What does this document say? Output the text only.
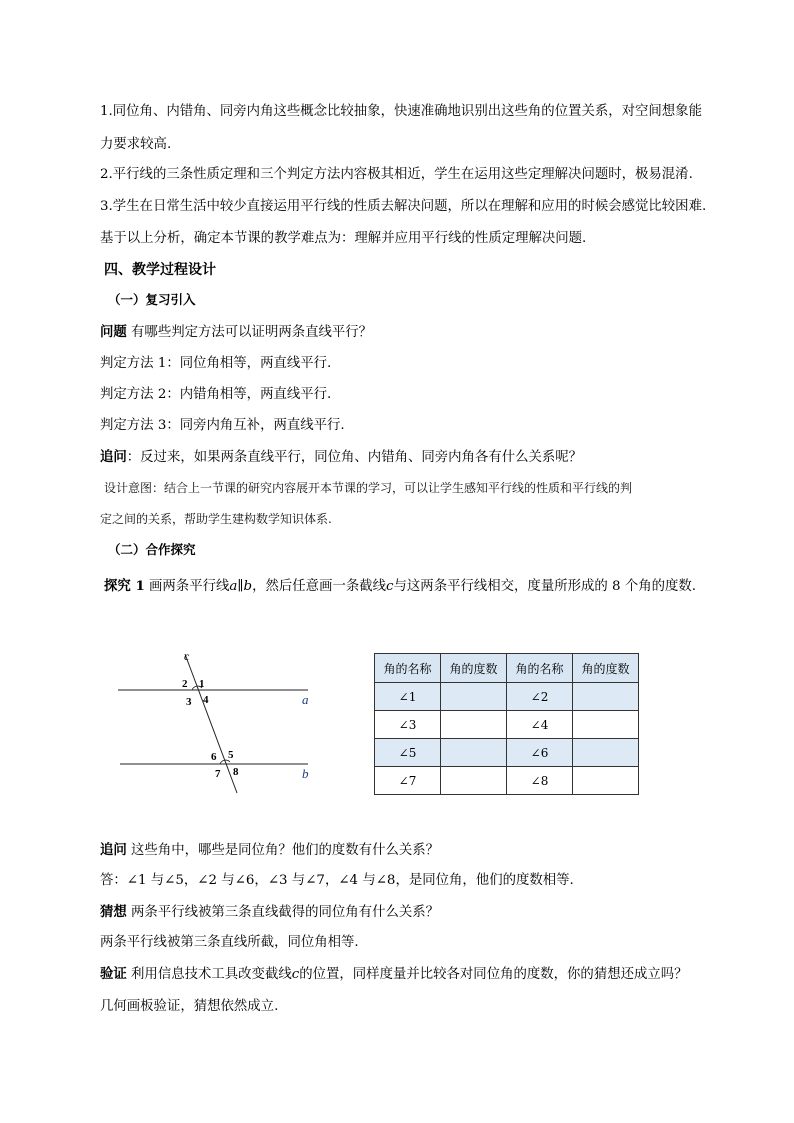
1.同位角、内错角、同旁内角这些概念比较抽象，快速准确地识别出这些角的位置关系，对空间想象能
力要求较高.
2.平行线的三条性质定理和三个判定方法内容极其相近，学生在运用这些定理解决问题时，极易混淆.
3.学生在日常生活中较少直接运用平行线的性质去解决问题，所以在理解和应用的时候会感觉比较困难.
基于以上分析，确定本节课的教学难点为：理解并应用平行线的性质定理解决问题.
四、教学过程设计
（一）复习引入
问题 有哪些判定方法可以证明两条直线平行？
判定方法 1：同位角相等，两直线平行.
判定方法 2：内错角相等，两直线平行.
判定方法 3：同旁内角互补，两直线平行.
追问：反过来，如果两条直线平行，同位角、内错角、同旁内角各有什么关系呢？
设计意图：结合上一节课的研究内容展开本节课的学习，可以让学生感知平行线的性质和平行线的判
定之间的关系，帮助学生建构数学知识体系.
（二）合作探究
探究 1 画两条平行线a∥b，然后任意画一条截线c与这两条平行线相交，度量所形成的 8 个角的度数.
c
a
b
1
2
3 4
5
6
7 8
角的名称	角的度数	角的名称	角的度数
∠1		∠2	
∠3		∠4	
∠5		∠6	
∠7		∠8	
追问 这些角中，哪些是同位角？他们的度数有什么关系？
答：∠1 与∠5，∠2 与∠6，∠3 与∠7，∠4 与∠8，是同位角，他们的度数相等.
猜想 两条平行线被第三条直线截得的同位角有什么关系？
两条平行线被第三条直线所截，同位角相等.
验证 利用信息技术工具改变截线c的位置，同样度量并比较各对同位角的度数，你的猜想还成立吗？
几何画板验证，猜想依然成立.
